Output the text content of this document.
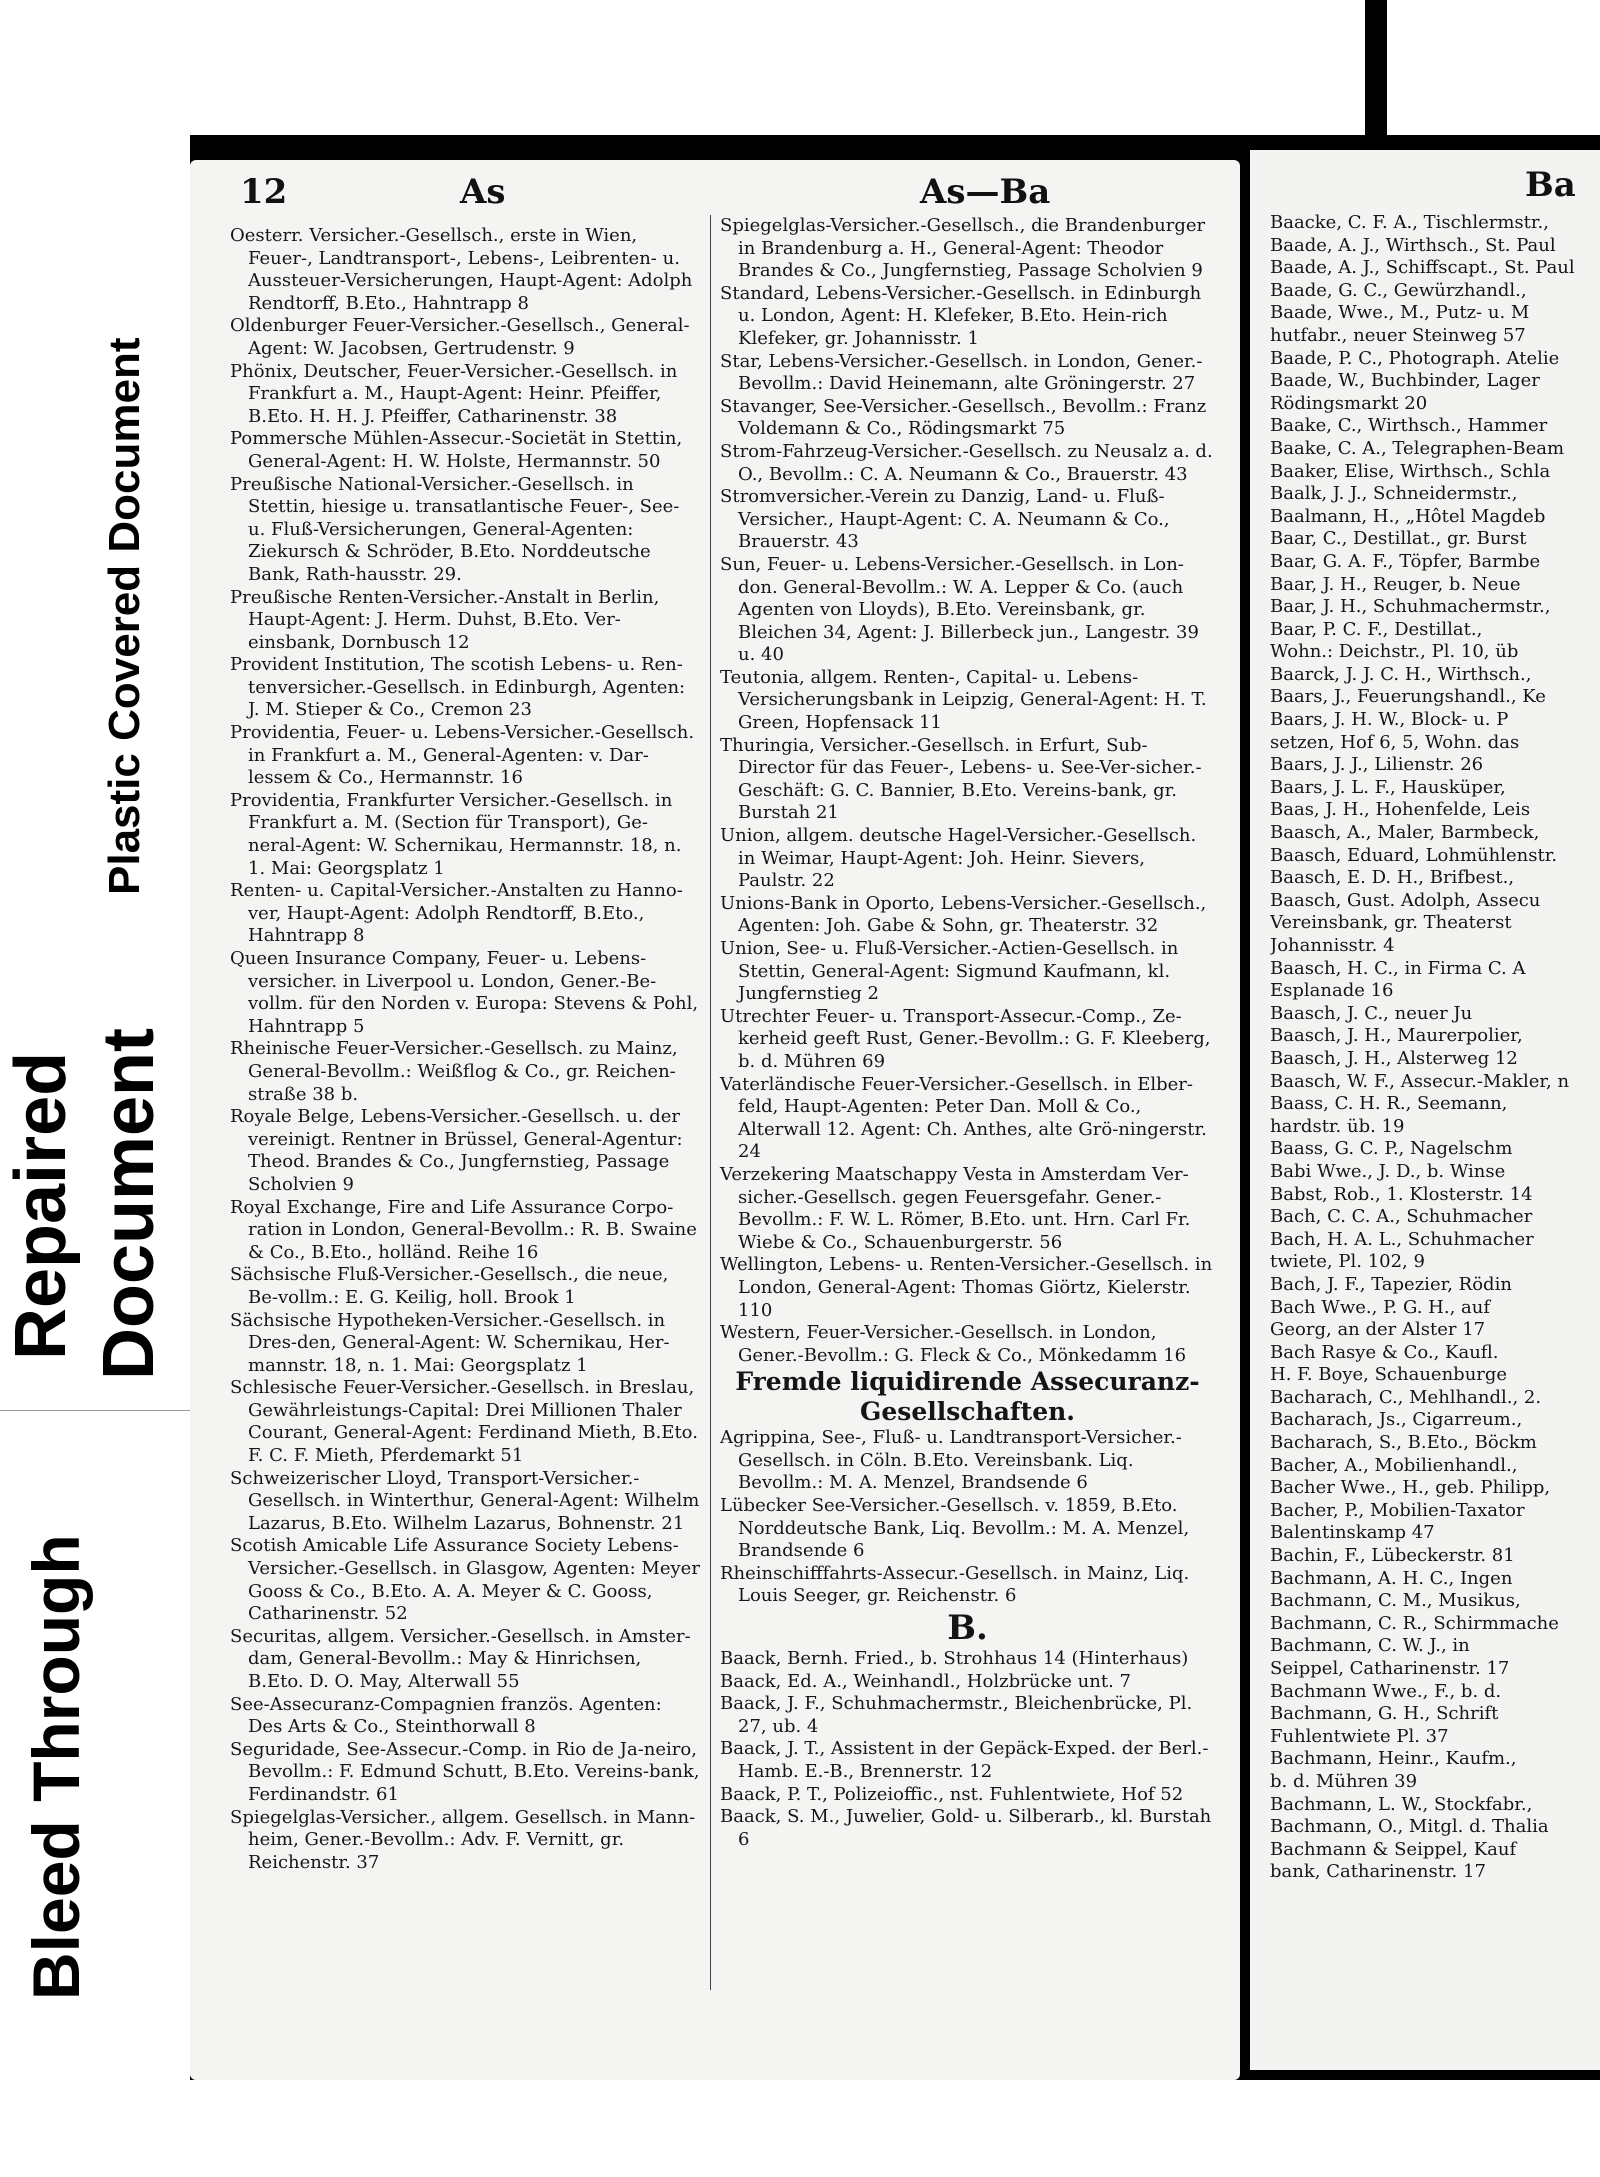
Bleed Through
Repaired Document
Plastic Covered Document
12	As	As—Ba	Ba

Oesterr. Versicher.-Gesellsch., erste in Wien, Feuer-, Landtransport-, Lebens-, Leibrenten- u. Aussteuer-Versicherungen, Haupt-Agent: Adolph Rendtorff, B.Eto., Hahntrapp 8

Oldenburger Feuer-Versicher.-Gesellsch., General-Agent: W. Jacobsen, Gertrudenstr. 9

Phönix, Deutscher, Feuer-Versicher.-Gesellsch. in Frankfurt a. M., Haupt-Agent: Heinr. Pfeiffer, B.Eto. H. H. J. Pfeiffer, Catharinenstr. 38

Pommersche Mühlen-Assecur.-Societät in Stettin, General-Agent: H. W. Holste, Hermannstr. 50

Preußische National-Versicher.-Gesellsch. in Stettin, hiesige u. transatlantische Feuer-, See- u. Fluß-Versicherungen, General-Agenten: Ziekursch & Schröder, B.Eto. Norddeutsche Bank, Rath-hausstr. 29.

Preußische Renten-Versicher.-Anstalt in Berlin, Haupt-Agent: J. Herm. Duhst, B.Eto. Ver-einsbank, Dornbusch 12

Provident Institution, The scotish Lebens- u. Ren-tenversicher.-Gesellsch. in Edinburgh, Agenten: J. M. Stieper & Co., Cremon 23

Providentia, Feuer- u. Lebens-Versicher.-Gesellsch. in Frankfurt a. M., General-Agenten: v. Dar-lessem & Co., Hermannstr. 16

Providentia, Frankfurter Versicher.-Gesellsch. in Frankfurt a. M. (Section für Transport), Ge-neral-Agent: W. Schernikau, Hermannstr. 18, n. 1. Mai: Georgsplatz 1

Renten- u. Capital-Versicher.-Anstalten zu Hanno-ver, Haupt-Agent: Adolph Rendtorff, B.Eto., Hahntrapp 8

Queen Insurance Company, Feuer- u. Lebens-versicher. in Liverpool u. London, Gener.-Be-vollm. für den Norden v. Europa: Stevens & Pohl, Hahntrapp 5

Rheinische Feuer-Versicher.-Gesellsch. zu Mainz, General-Bevollm.: Weißflog & Co., gr. Reichen-straße 38 b.

Royale Belge, Lebens-Versicher.-Gesellsch. u. der vereinigt. Rentner in Brüssel, General-Agentur: Theod. Brandes & Co., Jungfernstieg, Passage Scholvien 9

Royal Exchange, Fire and Life Assurance Corpo-ration in London, General-Bevollm.: R. B. Swaine & Co., B.Eto., holländ. Reihe 16

Sächsische Fluß-Versicher.-Gesellsch., die neue, Be-vollm.: E. G. Keilig, holl. Brook 1

Sächsische Hypotheken-Versicher.-Gesellsch. in Dres-den, General-Agent: W. Schernikau, Her-mannstr. 18, n. 1. Mai: Georgsplatz 1

Schlesische Feuer-Versicher.-Gesellsch. in Breslau, Gewährleistungs-Capital: Drei Millionen Thaler Courant, General-Agent: Ferdinand Mieth, B.Eto. F. C. F. Mieth, Pferdemarkt 51

Schweizerischer Lloyd, Transport-Versicher.-Gesellsch. in Winterthur, General-Agent: Wilhelm Lazarus, B.Eto. Wilhelm Lazarus, Bohnenstr. 21

Scotish Amicable Life Assurance Society Lebens-Versicher.-Gesellsch. in Glasgow, Agenten: Meyer Gooss & Co., B.Eto. A. A. Meyer & C. Gooss, Catharinenstr. 52

Securitas, allgem. Versicher.-Gesellsch. in Amster-dam, General-Bevollm.: May & Hinrichsen, B.Eto. D. O. May, Alterwall 55

See-Assecuranz-Compagnien französ. Agenten: Des Arts & Co., Steinthorwall 8

Seguridade, See-Assecur.-Comp. in Rio de Ja-neiro, Bevollm.: F. Edmund Schutt, B.Eto. Vereins-bank, Ferdinandstr. 61

Spiegelglas-Versicher., allgem. Gesellsch. in Mann-heim, Gener.-Bevollm.: Adv. F. Vernitt, gr. Reichenstr. 37

Spiegelglas-Versicher.-Gesellsch., die Brandenburger in Brandenburg a. H., General-Agent: Theodor Brandes & Co., Jungfernstieg, Passage Scholvien 9

Standard, Lebens-Versicher.-Gesellsch. in Edinburgh u. London, Agent: H. Klefeker, B.Eto. Hein-rich Klefeker, gr. Johannisstr. 1

Star, Lebens-Versicher.-Gesellsch. in London, Gener.-Bevollm.: David Heinemann, alte Gröningerstr. 27

Stavanger, See-Versicher.-Gesellsch., Bevollm.: Franz Voldemann & Co., Rödingsmarkt 75

Strom-Fahrzeug-Versicher.-Gesellsch. zu Neusalz a. d. O., Bevollm.: C. A. Neumann & Co., Brauerstr. 43

Stromversicher.-Verein zu Danzig, Land- u. Fluß-Versicher., Haupt-Agent: C. A. Neumann & Co., Brauerstr. 43

Sun, Feuer- u. Lebens-Versicher.-Gesellsch. in Lon-don. General-Bevollm.: W. A. Lepper & Co. (auch Agenten von Lloyds), B.Eto. Vereinsbank, gr. Bleichen 34, Agent: J. Billerbeck jun., Langestr. 39 u. 40

Teutonia, allgem. Renten-, Capital- u. Lebens-Versicherungsbank in Leipzig, General-Agent: H. T. Green, Hopfensack 11

Thuringia, Versicher.-Gesellsch. in Erfurt, Sub-Director für das Feuer-, Lebens- u. See-Ver-sicher.-Geschäft: G. C. Bannier, B.Eto. Vereins-bank, gr. Burstah 21

Union, allgem. deutsche Hagel-Versicher.-Gesellsch. in Weimar, Haupt-Agent: Joh. Heinr. Sievers, Paulstr. 22

Unions-Bank in Oporto, Lebens-Versicher.-Gesellsch., Agenten: Joh. Gabe & Sohn, gr. Theaterstr. 32

Union, See- u. Fluß-Versicher.-Actien-Gesellsch. in Stettin, General-Agent: Sigmund Kaufmann, kl. Jungfernstieg 2

Utrechter Feuer- u. Transport-Assecur.-Comp., Ze-kerheid geeft Rust, Gener.-Bevollm.: G. F. Kleeberg, b. d. Mühren 69

Vaterländische Feuer-Versicher.-Gesellsch. in Elber-feld, Haupt-Agenten: Peter Dan. Moll & Co., Alterwall 12. Agent: Ch. Anthes, alte Grö-ningerstr. 24

Verzekering Maatschappy Vesta in Amsterdam Ver-sicher.-Gesellsch. gegen Feuersgefahr. Gener.-Bevollm.: F. W. L. Römer, B.Eto. unt. Hrn. Carl Fr. Wiebe & Co., Schauenburgerstr. 56

Wellington, Lebens- u. Renten-Versicher.-Gesellsch. in London, General-Agent: Thomas Giörtz, Kielerstr. 110

Western, Feuer-Versicher.-Gesellsch. in London, Gener.-Bevollm.: G. Fleck & Co., Mönkedamm 16

Fremde liquidirende Assecuranz-Gesellschaften.

Agrippina, See-, Fluß- u. Landtransport-Versicher.-Gesellsch. in Cöln. B.Eto. Vereinsbank. Liq. Bevollm.: M. A. Menzel, Brandsende 6

Lübecker See-Versicher.-Gesellsch. v. 1859, B.Eto. Norddeutsche Bank, Liq. Bevollm.: M. A. Menzel, Brandsende 6

Rheinschifffahrts-Assecur.-Gesellsch. in Mainz, Liq. Louis Seeger, gr. Reichenstr. 6

B.

Baack, Bernh. Fried., b. Strohhaus 14 (Hinterhaus)

Baack, Ed. A., Weinhandl., Holzbrücke unt. 7

Baack, J. F., Schuhmachermstr., Bleichenbrücke, Pl. 27, ub. 4

Baack, J. T., Assistent in der Gepäck-Exped. der Berl.-Hamb. E.-B., Brennerstr. 12

Baack, P. T., Polizeioffic., nst. Fuhlentwiete, Hof 52

Baack, S. M., Juwelier, Gold- u. Silberarb., kl. Burstah 6

Baacke, C. F. A., Tischlermstr.,

Baade, A. J., Wirthsch., St. Paul

Baade, A. J., Schiffscapt., St. Paul

Baade, G. C., Gewürzhandl.,

Baade, Wwe., M., Putz- u. M

hutfabr., neuer Steinweg 57

Baade, P. C., Photograph. Atelie

Baade, W., Buchbinder, Lager

Rödingsmarkt 20

Baake, C., Wirthsch., Hammer

Baake, C. A., Telegraphen-Beam

Baaker, Elise, Wirthsch., Schla

Baalk, J. J., Schneidermstr.,

Baalmann, H., „Hôtel Magdeb

Baar, C., Destillat., gr. Burst

Baar, G. A. F., Töpfer, Barmbe

Baar, J. H., Reuger, b. Neue

Baar, J. H., Schuhmachermstr.,

Baar, P. C. F., Destillat.,

Wohn.: Deichstr., Pl. 10, üb

Baarck, J. J. C. H., Wirthsch.,

Baars, J., Feuerungshandl., Ke

Baars, J. H. W., Block- u. P

setzen, Hof 6, 5, Wohn. das

Baars, J. J., Lilienstr. 26

Baars, J. L. F., Hausküper,

Baas, J. H., Hohenfelde, Leis

Baasch, A., Maler, Barmbeck,

Baasch, Eduard, Lohmühlenstr.

Baasch, E. D. H., Brifbest.,

Baasch, Gust. Adolph, Assecu

Vereinsbank, gr. Theaterst

Johannisstr. 4

Baasch, H. C., in Firma C. A

Esplanade 16

Baasch, J. C., neuer Ju

Baasch, J. H., Maurerpolier,

Baasch, J. H., Alsterweg 12

Baasch, W. F., Assecur.-Makler, n

Baass, C. H. R., Seemann,

hardstr. üb. 19

Baass, G. C. P., Nagelschm

Babi Wwe., J. D., b. Winse

Babst, Rob., 1. Klosterstr. 14

Bach, C. C. A., Schuhmacher

Bach, H. A. L., Schuhmacher

twiete, Pl. 102, 9

Bach, J. F., Tapezier, Rödin

Bach Wwe., P. G. H., auf

Georg, an der Alster 17

Bach Rasye & Co., Kaufl.

H. F. Boye, Schauenburge

Bacharach, C., Mehlhandl., 2.

Bacharach, Js., Cigarreum.,

Bacharach, S., B.Eto., Böckm

Bacher, A., Mobilienhandl.,

Bacher Wwe., H., geb. Philipp,

Bacher, P., Mobilien-Taxator

Balentinskamp 47

Bachin, F., Lübeckerstr. 81

Bachmann, A. H. C., Ingen

Bachmann, C. M., Musikus,

Bachmann, C. R., Schirmmache

Bachmann, C. W. J., in

Seippel, Catharinenstr. 17

Bachmann Wwe., F., b. d.

Bachmann, G. H., Schrift

Fuhlentwiete Pl. 37

Bachmann, Heinr., Kaufm.,

b. d. Mühren 39

Bachmann, L. W., Stockfabr.,

Bachmann, O., Mitgl. d. Thalia

Bachmann & Seippel, Kauf

bank, Catharinenstr. 17
